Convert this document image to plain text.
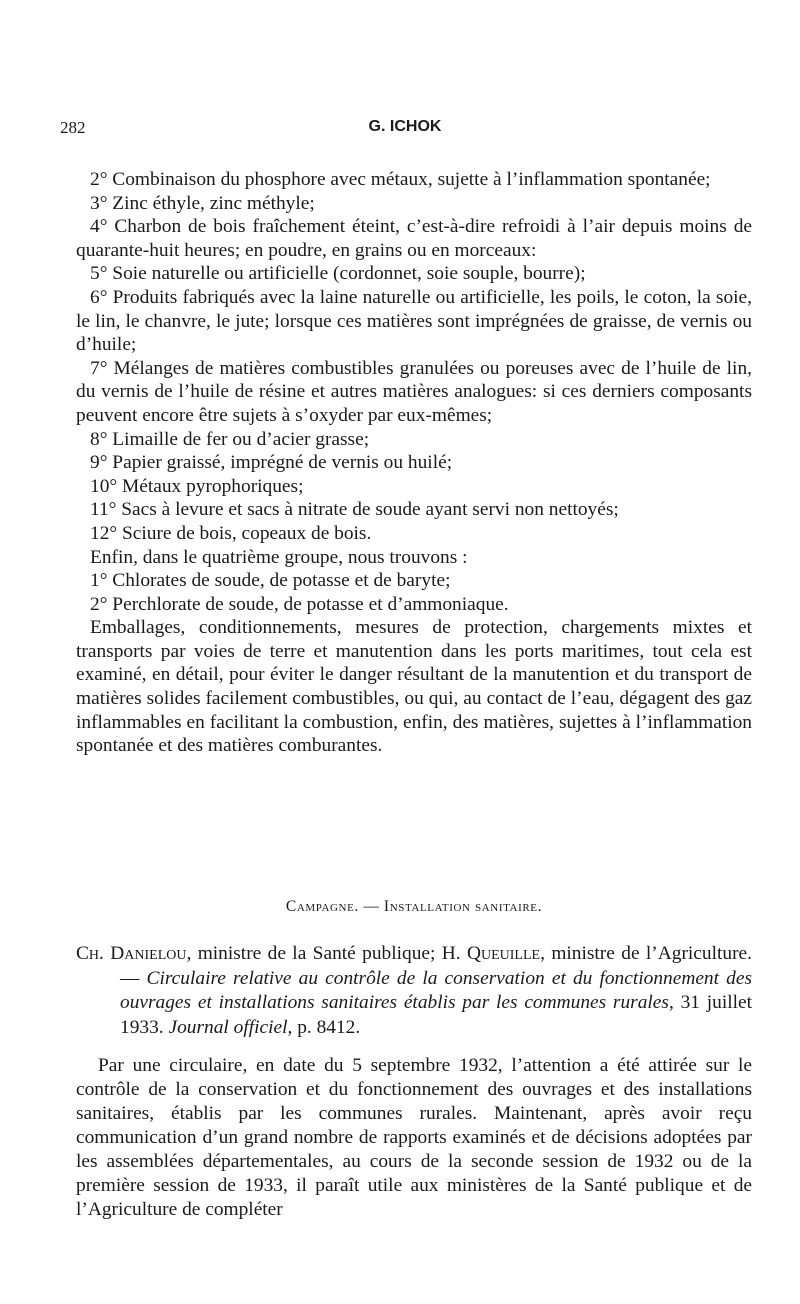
282	G. ICHOK

2° Combinaison du phosphore avec métaux, sujette à l’inflammation spontanée;

3° Zinc éthyle, zinc méthyle;

4° Charbon de bois fraîchement éteint, c’est-à-dire refroidi à l’air depuis moins de quarante-huit heures; en poudre, en grains ou en morceaux:

5° Soie naturelle ou artificielle (cordonnet, soie souple, bourre);

6° Produits fabriqués avec la laine naturelle ou artificielle, les poils, le coton, la soie, le lin, le chanvre, le jute; lorsque ces matières sont imprégnées de graisse, de vernis ou d’huile;

7° Mélanges de matières combustibles granulées ou poreuses avec de l’huile de lin, du vernis de l’huile de résine et autres matières analogues: si ces derniers composants peuvent encore être sujets à s’oxyder par eux-mêmes;

8° Limaille de fer ou d’acier grasse;

9° Papier graissé, imprégné de vernis ou huilé;

10° Métaux pyrophoriques;

11° Sacs à levure et sacs à nitrate de soude ayant servi non nettoyés;

12° Sciure de bois, copeaux de bois.

Enfin, dans le quatrième groupe, nous trouvons :

1° Chlorates de soude, de potasse et de baryte;

2° Perchlorate de soude, de potasse et d’ammoniaque.

Emballages, conditionnements, mesures de protection, chargements mixtes et transports par voies de terre et manutention dans les ports maritimes, tout cela est examiné, en détail, pour éviter le danger résultant de la manutention et du transport de matières solides facilement combustibles, ou qui, au contact de l’eau, dégagent des gaz inflammables en facilitant la combustion, enfin, des matières, sujettes à l’inflammation spontanée et des matières comburantes.

Campagne. — Installation sanitaire.

Ch. Danielou, ministre de la Santé publique; H. Queuille, ministre de l’Agriculture. — Circulaire relative au contrôle de la conservation et du fonctionnement des ouvrages et installations sanitaires établis par les communes rurales, 31 juillet 1933. Journal officiel, p. 8412.

Par une circulaire, en date du 5 septembre 1932, l’attention a été attirée sur le contrôle de la conservation et du fonctionnement des ouvrages et des installations sanitaires, établis par les communes rurales. Maintenant, après avoir reçu communication d’un grand nombre de rapports examinés et de décisions adoptées par les assemblées départementales, au cours de la seconde session de 1932 ou de la première session de 1933, il paraît utile aux ministères de la Santé publique et de l’Agriculture de compléter
